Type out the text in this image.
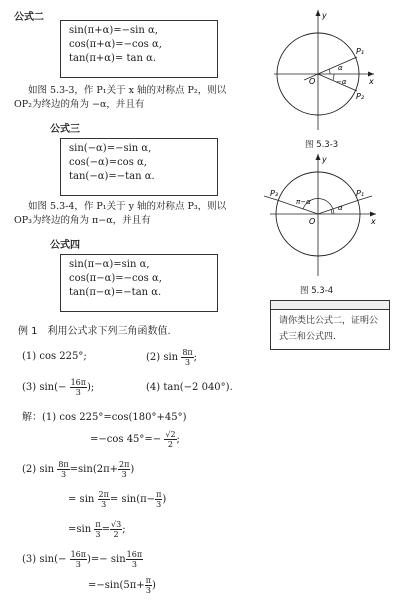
公式二
sin(π+α)=−sin α,
cos(π+α)=−cos α,
tan(π+α)= tan α.
如图 5.3-3，作 P₁关于 x 轴的对称点 P₂，则以
OP₂为终边的角为 −α，并且有
公式三
sin(−α)=−sin α,
cos(−α)=cos α,
tan(−α)=−tan α.
如图 5.3-4，作 P₁关于 y 轴的对称点 P₃，则以
OP₃为终边的角为 π−α，并且有
公式四
sin(π−α)=sin α,
cos(π−α)=−cos α,
tan(π−α)=−tan α.
y
x
O
P₁
P₂
α
−α
图 5.3-3
y
x
O
P₁
P₃
α
π−α
图 5.3-4
请你类比公式二，证明公式三和公式四.
例 1　利用公式求下列三角函数值.
(1) cos 225°;	(2) $\sin \frac{8\pi}{3}$ ;
(3) $\sin(- \frac{16\pi}{3}$ );	(4) tan(−2 040°).
解：(1) cos 225°=cos(180°+45°)
=−cos $45^\circ=- \frac{√2}{2}$ ;
(2) $\sin \frac{8\pi}{3} =\sin(2\pi+ \frac{2\pi}{3}$ )
= $\sin \frac{2\pi}{3} = \sin(\pi- \frac{\pi}{3}$ )
$=\sin \frac{\pi}{3} = \frac{√3}{2}$ ;
(3) $\sin(- \frac{16\pi}{3}$ )=− $\sin \frac{16\pi}{3}$
$=-\sin(5\pi+ \frac{\pi}{3}$ )
